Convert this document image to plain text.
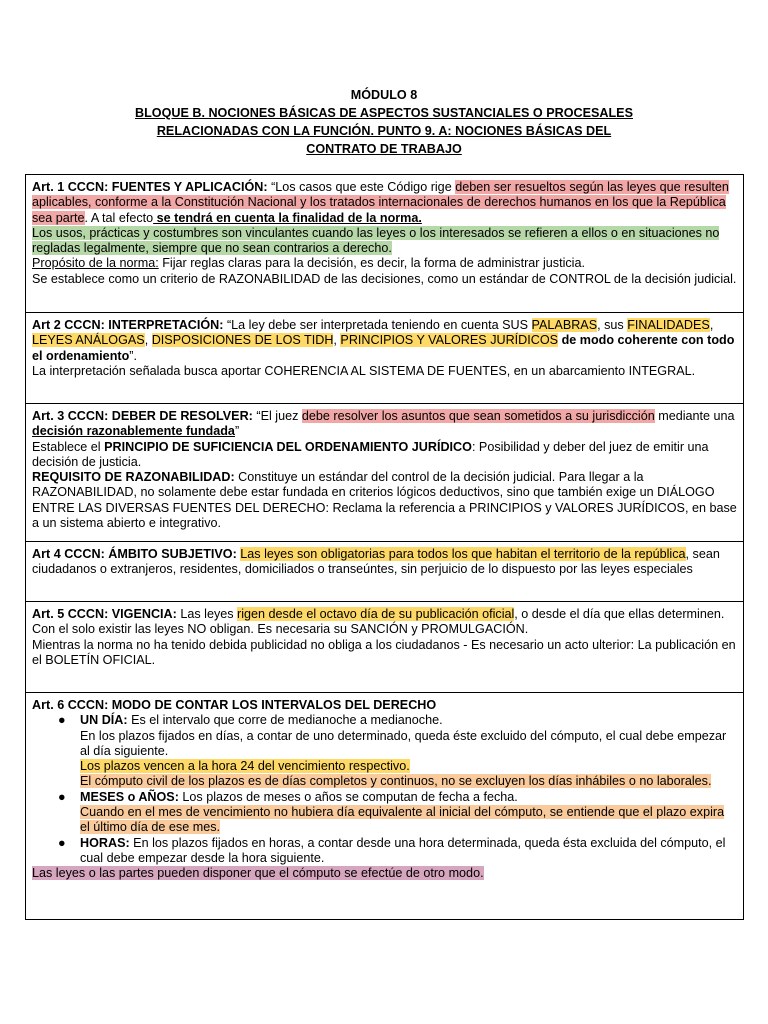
MÓDULO 8
BLOQUE B. NOCIONES BÁSICAS DE ASPECTOS SUSTANCIALES O PROCESALES
RELACIONADAS CON LA FUNCIÓN. PUNTO 9. A: NOCIONES BÁSICAS DEL
CONTRATO DE TRABAJO
Art. 1 CCCN: FUENTES Y APLICACIÓN: “Los casos que este Código rige deben ser resueltos según las leyes que resulten aplicables, conforme a la Constitución Nacional y los tratados internacionales de derechos humanos en los que la República sea parte. A tal efecto se tendrá en cuenta la finalidad de la norma.
Los usos, prácticas y costumbres son vinculantes cuando las leyes o los interesados se refieren a ellos o en situaciones no regladas legalmente, siempre que no sean contrarios a derecho.
Propósito de la norma: Fijar reglas claras para la decisión, es decir, la forma de administrar justicia.
Se establece como un criterio de RAZONABILIDAD de las decisiones, como un estándar de CONTROL de la decisión judicial.
Art 2 CCCN: INTERPRETACIÓN: “La ley debe ser interpretada teniendo en cuenta SUS PALABRAS, sus FINALIDADES, LEYES ANÁLOGAS, DISPOSICIONES DE LOS TIDH, PRINCIPIOS Y VALORES JURÍDICOS de modo coherente con todo el ordenamiento”.
La interpretación señalada busca aportar COHERENCIA AL SISTEMA DE FUENTES, en un abarcamiento INTEGRAL.
Art. 3 CCCN: DEBER DE RESOLVER: “El juez debe resolver los asuntos que sean sometidos a su jurisdicción mediante una decisión razonablemente fundada”
Establece el PRINCIPIO DE SUFICIENCIA DEL ORDENAMIENTO JURÍDICO: Posibilidad y deber del juez de emitir una decisión de justicia.
REQUISITO DE RAZONABILIDAD: Constituye un estándar del control de la decisión judicial. Para llegar a la RAZONABILIDAD, no solamente debe estar fundada en criterios lógicos deductivos, sino que también exige un DIÁLOGO ENTRE LAS DIVERSAS FUENTES DEL DERECHO: Reclama la referencia a PRINCIPIOS y VALORES JURÍDICOS, en base a un sistema abierto e integrativo.
Art 4 CCCN: ÁMBITO SUBJETIVO: Las leyes son obligatorias para todos los que habitan el territorio de la república, sean ciudadanos o extranjeros, residentes, domiciliados o transeúntes, sin perjuicio de lo dispuesto por las leyes especiales
Art. 5 CCCN: VIGENCIA: Las leyes rigen desde el octavo día de su publicación oficial, o desde el día que ellas determinen.
Con el solo existir las leyes NO obligan. Es necesaria su SANCIÓN y PROMULGACIÓN.
Mientras la norma no ha tenido debida publicidad no obliga a los ciudadanos - Es necesario un acto ulterior: La publicación en el BOLETÍN OFICIAL.
Art. 6 CCCN: MODO DE CONTAR LOS INTERVALOS DEL DERECHO
● UN DÍA: Es el intervalo que corre de medianoche a medianoche.
En los plazos fijados en días, a contar de uno determinado, queda éste excluido del cómputo, el cual debe empezar al día siguiente.
Los plazos vencen a la hora 24 del vencimiento respectivo.
El cómputo civil de los plazos es de días completos y continuos, no se excluyen los días inhábiles o no laborales.
● MESES o AÑOS: Los plazos de meses o años se computan de fecha a fecha.
Cuando en el mes de vencimiento no hubiera día equivalente al inicial del cómputo, se entiende que el plazo expira el último día de ese mes.
● HORAS: En los plazos fijados en horas, a contar desde una hora determinada, queda ésta excluida del cómputo, el cual debe empezar desde la hora siguiente.
Las leyes o las partes pueden disponer que el cómputo se efectúe de otro modo.
